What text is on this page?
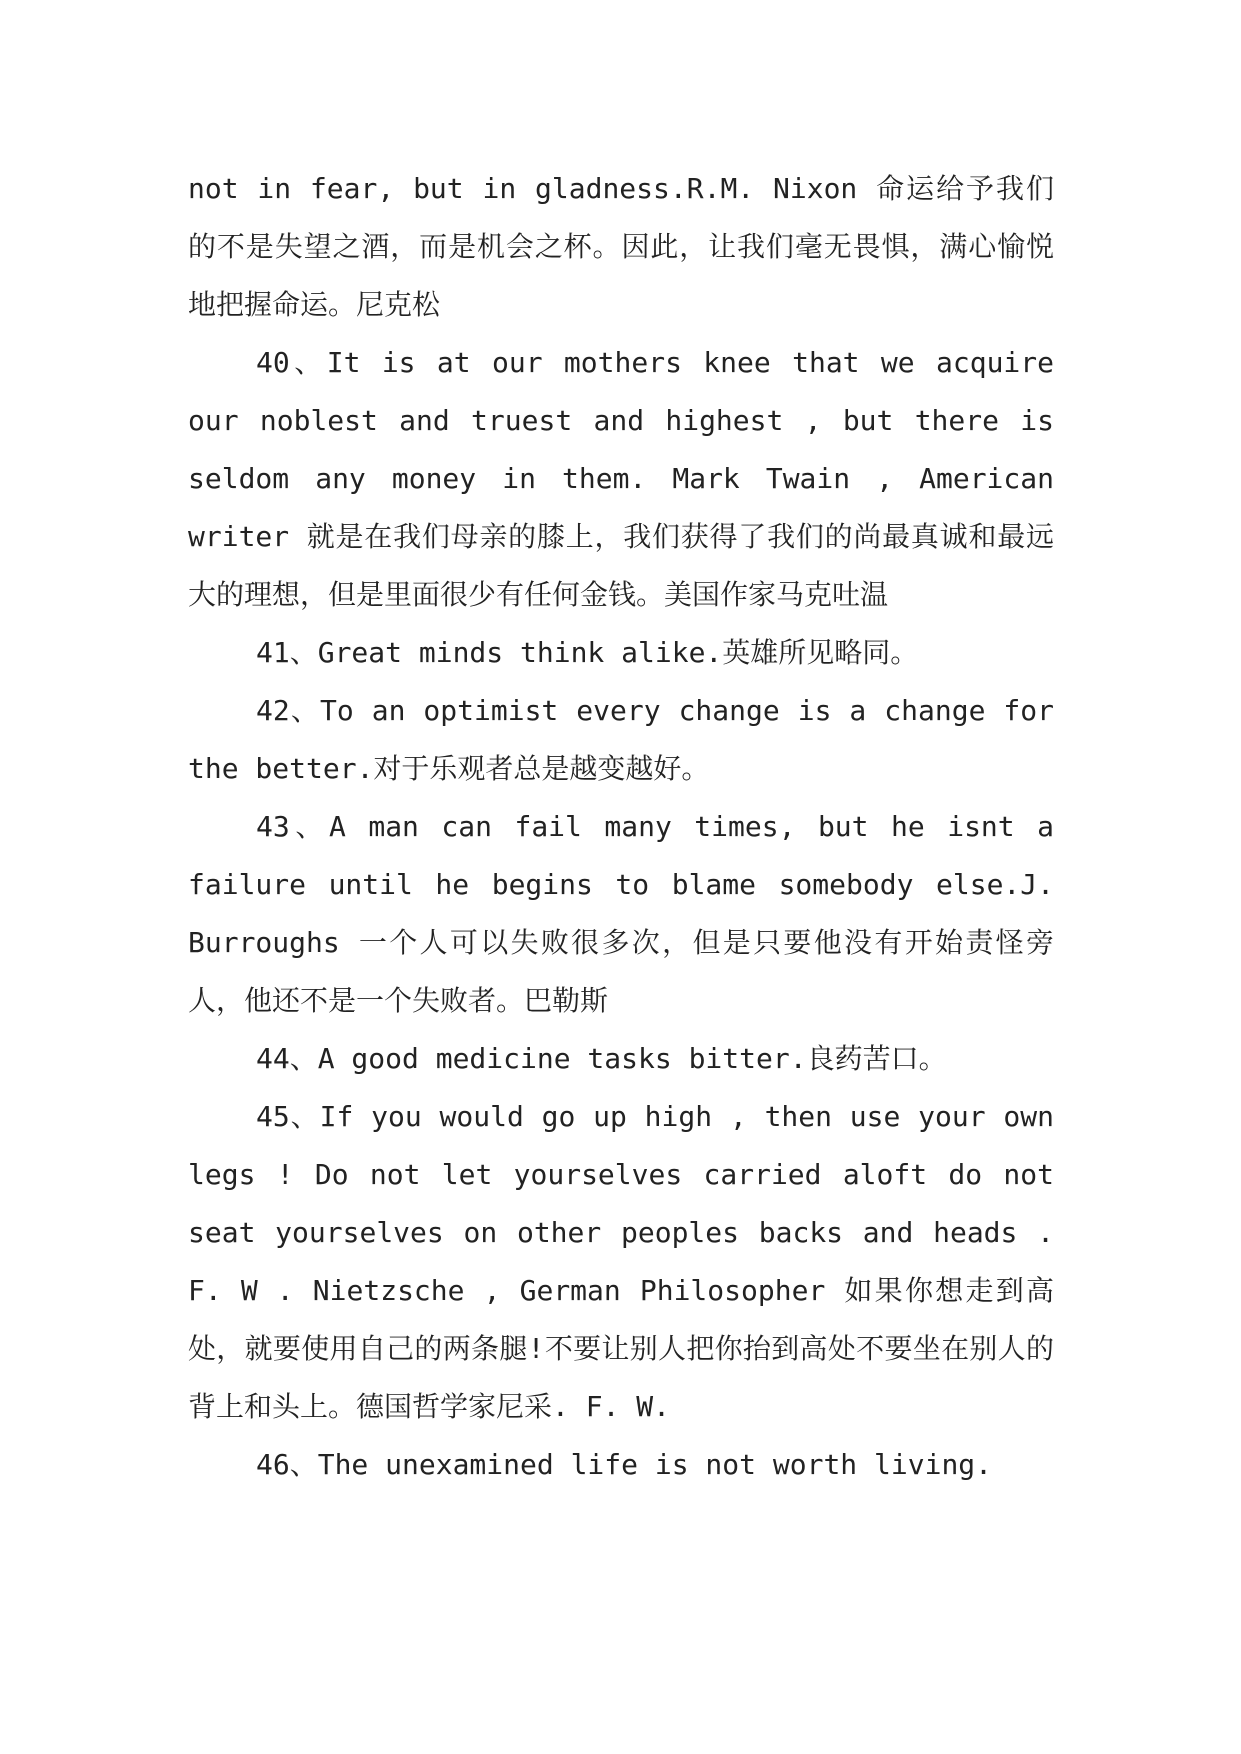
not in fear, but in gladness.R.M. Nixon 命运给予我们的不是失望之酒，而是机会之杯。因此，让我们毫无畏惧，满心愉悦地把握命运。尼克松

40、It is at our mothers knee that we acquire our noblest and truest and highest , but there is seldom any money in them. Mark Twain , American writer 就是在我们母亲的膝上，我们获得了我们的尚最真诚和最远大的理想，但是里面很少有任何金钱。美国作家马克吐温

41、Great minds think alike.英雄所见略同。

42、To an optimist every change is a change for the better.对于乐观者总是越变越好。

43、A man can fail many times, but he isnt a failure until he begins to blame somebody else.J. Burroughs 一个人可以失败很多次，但是只要他没有开始责怪旁人，他还不是一个失败者。巴勒斯

44、A good medicine tasks bitter.良药苦口。

45、If you would go up high , then use your own legs ! Do not let yourselves carried aloft do not seat yourselves on other peoples backs and heads . F. W . Nietzsche , German Philosopher 如果你想走到高处，就要使用自己的两条腿!不要让别人把你抬到高处不要坐在别人的背上和头上。德国哲学家尼采. F. W.

46、The unexamined life is not worth living.
